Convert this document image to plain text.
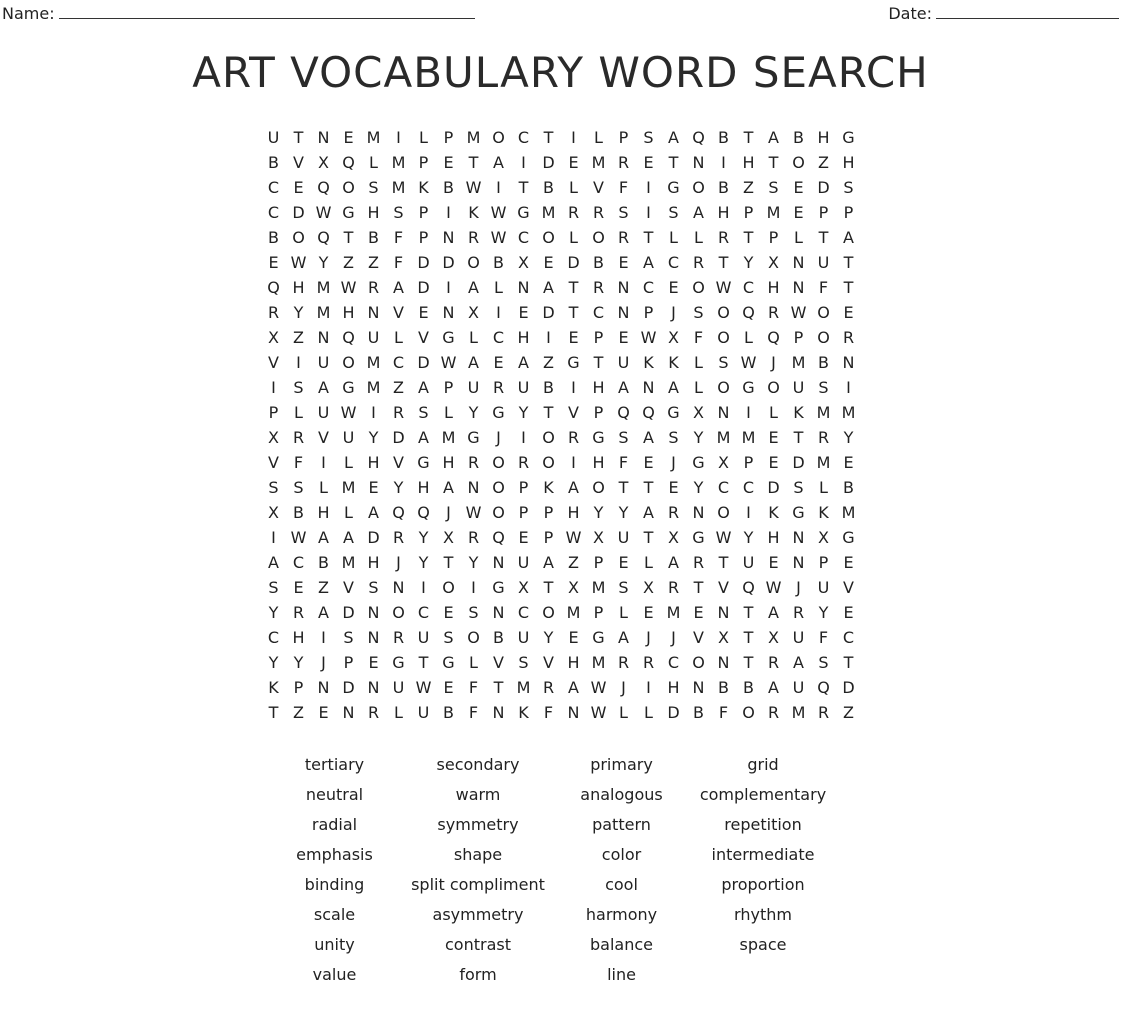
Name:	Date:
ART VOCABULARY WORD SEARCH
U T N E M I	L P M O C T	I	L P S A Q B T A B H G
B V X Q L M P E T A	I	D E M R E T N	I	H T O Z H
C E Q O S M K B W I	T B L V F	I	G O B Z S E D S
C D W G H S P	I	K W G M R R S	I	S A H P M E P P
B O Q T B F P N R W C O L O R T L	L R T P L T A
E W Y Z Z F D D O B X E D B E A C R T Y X N U T
Q H M W R A D	I	A L N A T R N C E O W C H N F T
R Y M H N V E N X	I	E D T C N P	J	S O Q R W O E
X Z N Q U L V G L C H	I	E P E W X F O L Q P O R
V	I	U O M C D W A E A Z G T U K K L S W J M B N
I	S A G M Z A P U R U B	I	H A N A L O G O U S	I
P L U W I	R S L Y G Y T V P Q Q G X N	I	L K M M
X R V U Y D A M G	J	I	O R G S A S Y M M E T R Y
V F	I	L H V G H R O R O	I	H F E	J	G X P E D M E
S S L M E Y H A N O P K A O T T E Y C C D S L B
X B H L A Q Q	J W O P P H Y Y A R N O	I	K G K M
I W A A D R Y X R Q E P W X U T X G W Y H N X G
A C B M H	J	Y T Y N U A Z P E L A R T U E N P E
S E Z V S N	I	O	I	G X T X M S X R T V Q W J	U V
Y R A D N O C E S N C O M P L E M E N T A R Y E
C H	I	S N R U S O B U Y E G A	J	J	V X T X U F C
Y Y	J	P E G T G L V S V H M R R C O N T R A S T
K P N D N U W E F T M R A W J	I	H N B B A U Q D
T Z E N R L U B F N K F N W L	L D B F O R M R Z
tertiary	secondary	primary	grid
neutral	warm	analogous	complementary
radial	symmetry	pattern	repetition
emphasis	shape	color	intermediate
binding	split compliment	cool	proportion
scale	asymmetry	harmony	rhythm
unity	contrast	balance	space
value	form	line
